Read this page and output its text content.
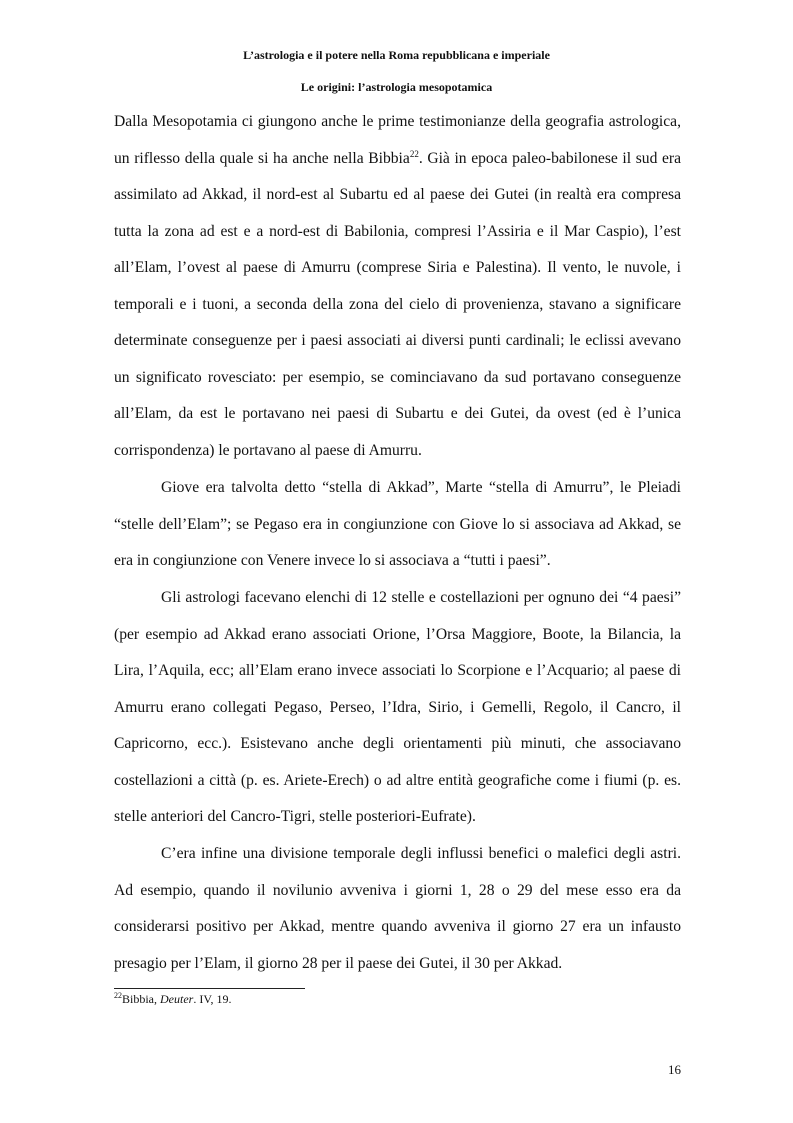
L’astrologia e il potere nella Roma repubblicana e imperiale
Le origini: l’astrologia mesopotamica

Dalla Mesopotamia ci giungono anche le prime testimonianze della geografia astrologica, un riflesso della quale si ha anche nella Bibbia$^{22}$. Già in epoca paleo-babilonese il sud era assimilato ad Akkad, il nord-est al Subartu ed al paese dei Gutei (in realtà era compresa tutta la zona ad est e a nord-est di Babilonia, compresi l’Assiria e il Mar Caspio), l’est all’Elam, l’ovest al paese di Amurru (comprese Siria e Palestina). Il vento, le nuvole, i temporali e i tuoni, a seconda della zona del cielo di provenienza, stavano a significare determinate conseguenze per i paesi associati ai diversi punti cardinali; le eclissi avevano un significato rovesciato: per esempio, se cominciavano da sud portavano conseguenze all’Elam, da est le portavano nei paesi di Subartu e dei Gutei, da ovest (ed è l’unica corrispondenza) le portavano al paese di Amurru.

Giove era talvolta detto “stella di Akkad”, Marte “stella di Amurru”, le Pleiadi “stelle dell’Elam”; se Pegaso era in congiunzione con Giove lo si associava ad Akkad, se era in congiunzione con Venere invece lo si associava a “tutti i paesi”.

Gli astrologi facevano elenchi di 12 stelle e costellazioni per ognuno dei “4 paesi” (per esempio ad Akkad erano associati Orione, l’Orsa Maggiore, Boote, la Bilancia, la Lira, l’Aquila, ecc; all’Elam erano invece associati lo Scorpione e l’Acquario; al paese di Amurru erano collegati Pegaso, Perseo, l’Idra, Sirio, i Gemelli, Regolo, il Cancro, il Capricorno, ecc.). Esistevano anche degli orientamenti più minuti, che associavano costellazioni a città (p. es. Ariete-Erech) o ad altre entità geografiche come i fiumi (p. es. stelle anteriori del Cancro-Tigri, stelle posteriori-Eufrate).

C’era infine una divisione temporale degli influssi benefici o malefici degli astri. Ad esempio, quando il novilunio avveniva i giorni 1, 28 o 29 del mese esso era da considerarsi positivo per Akkad, mentre quando avveniva il giorno 27 era un infausto presagio per l’Elam, il giorno 28 per il paese dei Gutei, il 30 per Akkad.

$^{22}$Bibbia, Deuter. IV, 19.
16
